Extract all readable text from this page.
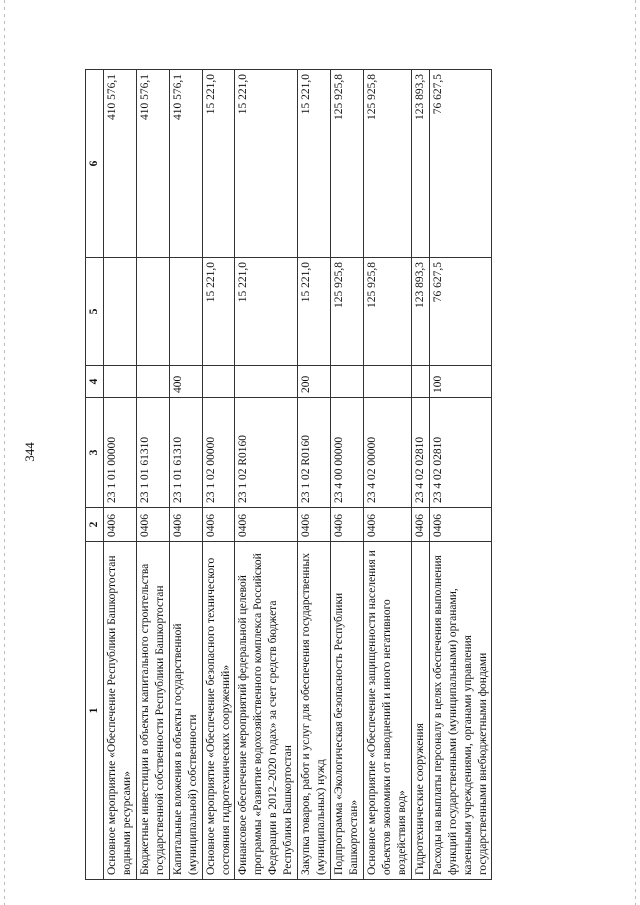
344
1	2	3	4	5	6
Основное мероприятие «Обеспечение Республики Башкортостан водными ресурсами»	0406	23 1 01 00000			410 576,1
Бюджетные инвестиции в объекты капитального строительства государственной собственности Республики Башкортостан	0406	23 1 01 61310			410 576,1
Капитальные вложения в объекты государственной (муниципальной) собственности	0406	23 1 01 61310	400		410 576,1
Основное мероприятие «Обеспечение безопасного технического состояния гидротехнических сооружений»	0406	23 1 02 00000		15 221,0	15 221,0
Финансовое обеспечение мероприятий федеральной целевой программы «Развитие водохозяйственного комплекса Российской Федерации в 2012–2020 годах» за счет средств бюджета Республики Башкортостан	0406	23 1 02 R0160		15 221,0	15 221,0
Закупка товаров, работ и услуг для обеспечения государственных (муниципальных) нужд	0406	23 1 02 R0160	200	15 221,0	15 221,0
Подпрограмма «Экологическая безопасность Республики Башкортостан»	0406	23 4 00 00000		125 925,8	125 925,8
Основное мероприятие «Обеспечение защищенности населения и объектов экономики от наводнений и иного негативного воздействия вод»	0406	23 4 02 00000		125 925,8	125 925,8
Гидротехнические сооружения	0406	23 4 02 02810		123 893,3	123 893,3
Расходы на выплаты персоналу в целях обеспечения выполнения функций государственными (муниципальными) органами, казенными учреждениями, органами управления государственными внебюджетными фондами	0406	23 4 02 02810	100	76 627,5	76 627,5
